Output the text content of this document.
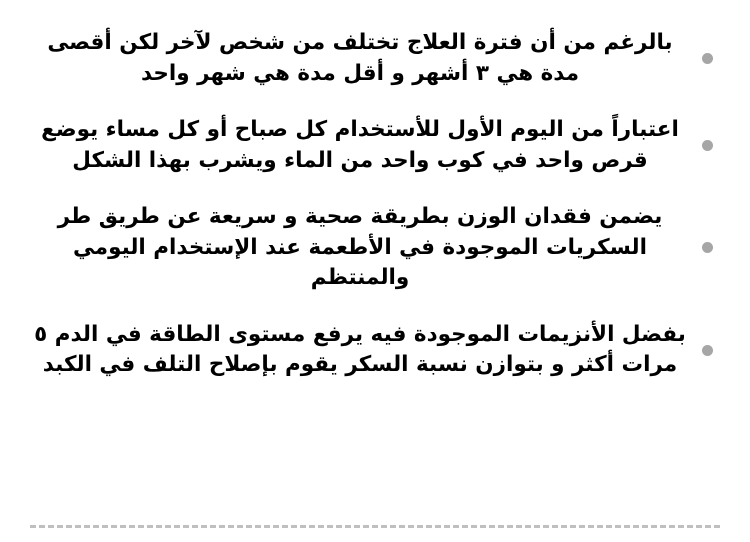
بالرغم من أن فترة العلاج تختلف من شخص لآخر لكن أقصى مدة هي ٣ أشهر و أقل مدة هي شهر واحد
اعتباراً من اليوم الأول للأستخدام كل صباح أو كل مساء يوضع قرص واحد في كوب واحد من الماء ويشرب بهذا الشكل
يضمن فقدان الوزن بطريقة صحية و سريعة عن طريق طر السكريات الموجودة في الأطعمة عند الإستخدام اليومي والمنتظم
بفضل الأنزيمات الموجودة فيه يرفع مستوى الطاقة في الدم ٥ مرات أكثر و بتوازن نسبة السكر يقوم بإصلاح التلف في الكبد
